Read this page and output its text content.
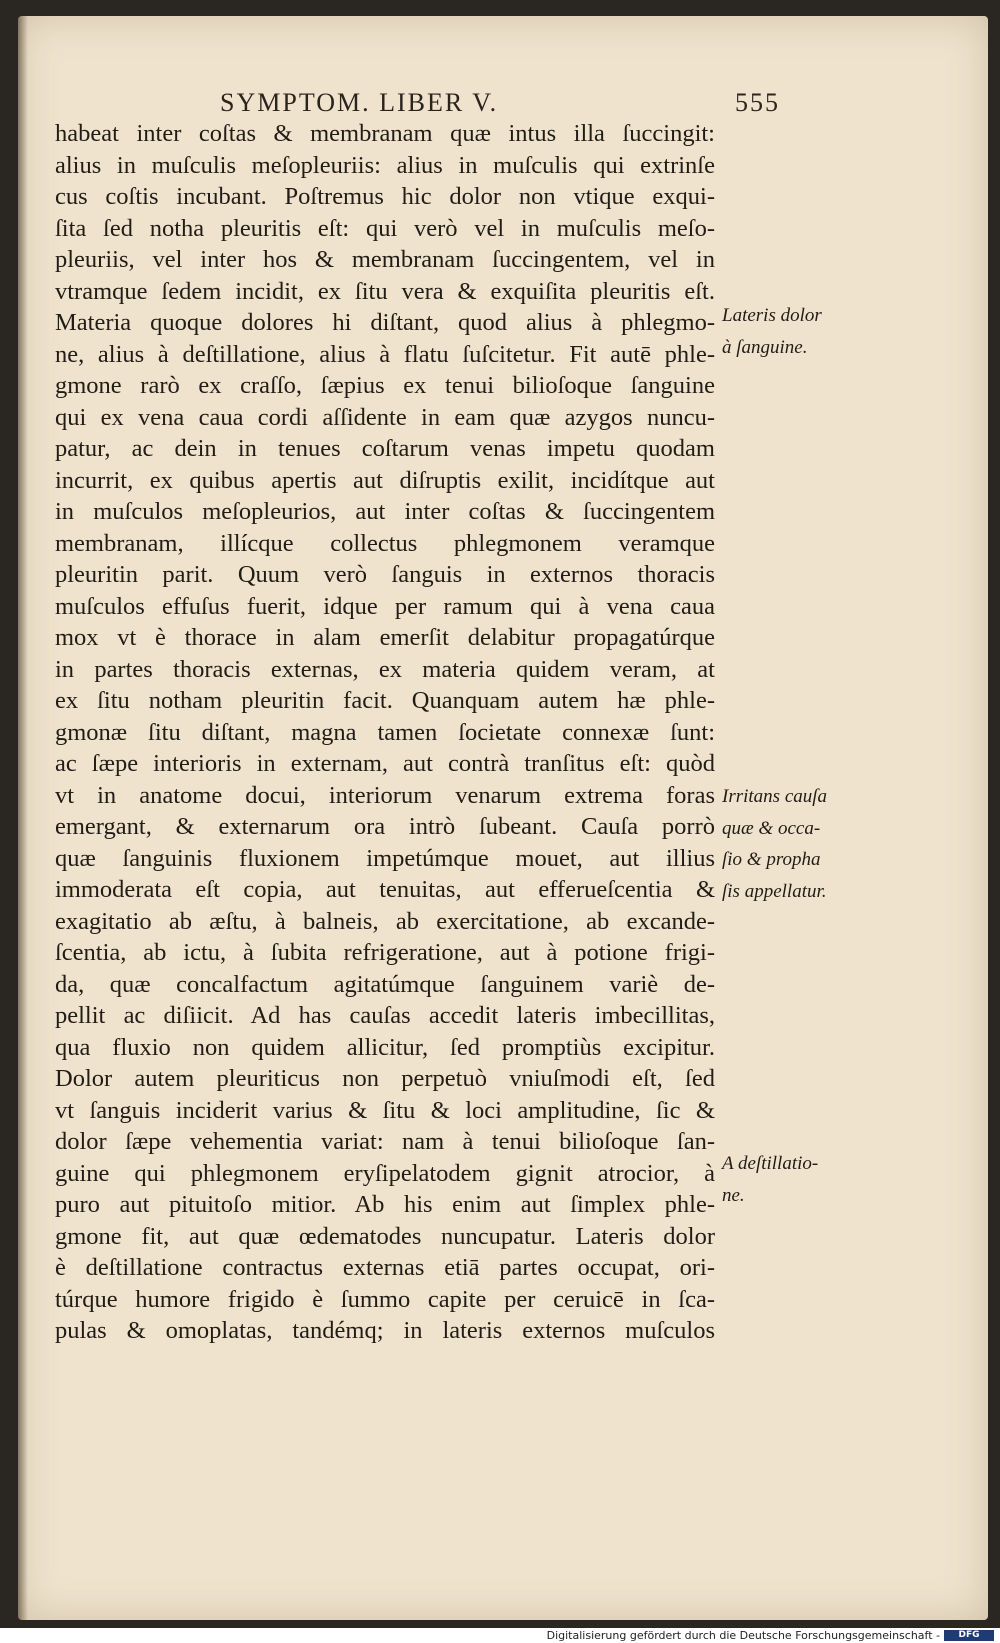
SYMPTOM. LIBER V.	555
habeat inter coſtas & membranam quæ intus illa ſuccingit:
alius in muſculis meſopleuriis: alius in muſculis qui extrinſe
cus coſtis incubant. Poſtremus hic dolor non vtique exqui-
ſita ſed notha pleuritis eſt: qui verò vel in muſculis meſo-
pleuriis, vel inter hos & membranam ſuccingentem, vel in
vtramque ſedem incidit, ex ſitu vera & exquiſita pleuritis eſt.
Materia quoque dolores hi diſtant, quod alius à phlegmo-
ne, alius à deſtillatione, alius à flatu ſuſcitetur. Fit autē phle-
gmone rarò ex craſſo, ſæpius ex tenui bilioſoque ſanguine
qui ex vena caua cordi aſſidente in eam quæ azygos nuncu-
patur, ac dein in tenues coſtarum venas impetu quodam
incurrit, ex quibus apertis aut diſruptis exilit, incidítque aut
in muſculos meſopleurios, aut inter coſtas & ſuccingentem
membranam, illícque collectus phlegmonem veramque
pleuritin parit. Quum verò ſanguis in externos thoracis
muſculos effuſus fuerit, idque per ramum qui à vena caua
mox vt è thorace in alam emerſit delabitur propagatúrque
in partes thoracis externas, ex materia quidem veram, at
ex ſitu notham pleuritin facit. Quanquam autem hæ phle-
gmonæ ſitu diſtant, magna tamen ſocietate connexæ ſunt:
ac ſæpe interioris in externam, aut contrà tranſitus eſt: quòd
vt in anatome docui, interiorum venarum extrema foras
emergant, & externarum ora intrò ſubeant. Cauſa porrò
quæ ſanguinis fluxionem impetúmque mouet, aut illius
immoderata eſt copia, aut tenuitas, aut efferueſcentia &
exagitatio ab æſtu, à balneis, ab exercitatione, ab excande-
ſcentia, ab ictu, à ſubita refrigeratione, aut à potione frigi-
da, quæ concalfactum agitatúmque ſanguinem variè de-
pellit ac diſiicit. Ad has cauſas accedit lateris imbecillitas,
qua fluxio non quidem allicitur, ſed promptiùs excipitur.
Dolor autem pleuriticus non perpetuò vniuſmodi eſt, ſed
vt ſanguis inciderit varius & ſitu & loci amplitudine, ſic &
dolor ſæpe vehementia variat: nam à tenui bilioſoque ſan-
guine qui phlegmonem eryſipelatodem gignit atrocior, à
puro aut pituitoſo mitior. Ab his enim aut ſimplex phle-
gmone fit, aut quæ œdematodes nuncupatur. Lateris dolor
è deſtillatione contractus externas etiā partes occupat, ori-
túrque humore frigido è ſummo capite per ceruicē in ſca-
pulas & omoplatas, tandémq; in lateris externos muſculos
Lateris dolor
à ſanguine.
Irritans cauſa
quæ & occa-
ſio & propha
ſis appellatur.
A deſtillatio-
ne.
Digitalisierung gefördert durch die Deutsche Forschungsgemeinschaft -	DFG
